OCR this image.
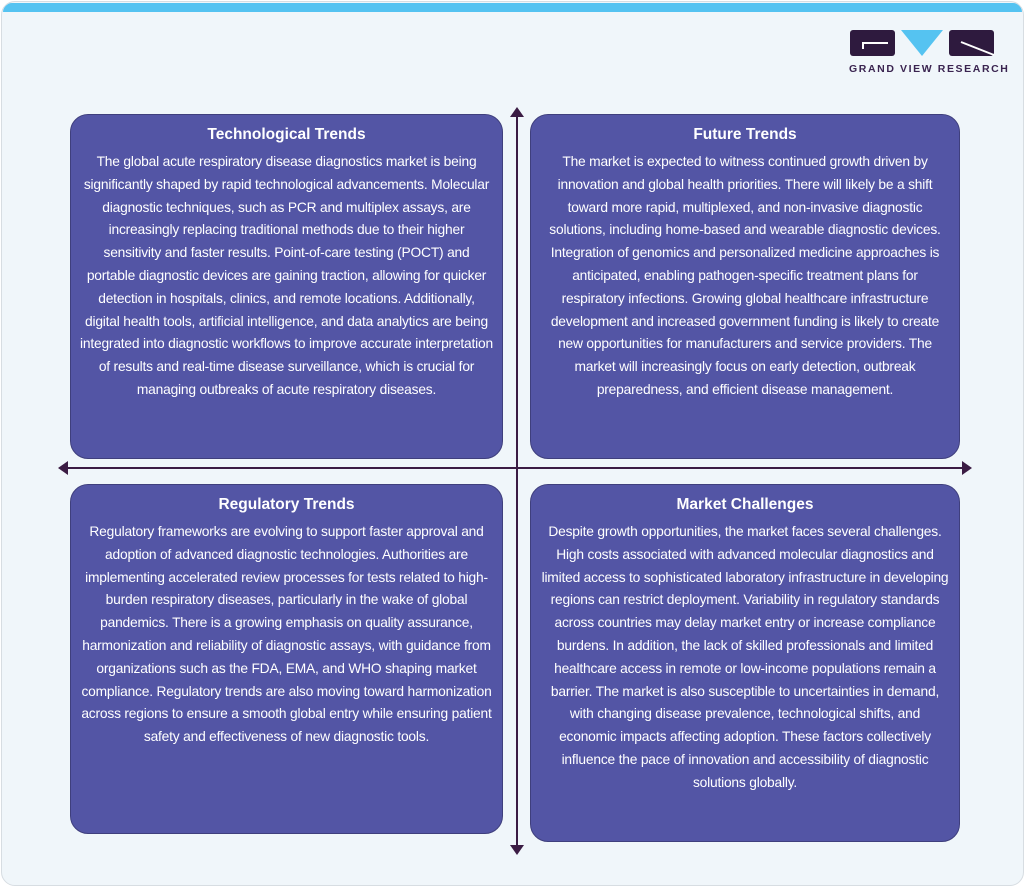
GRAND VIEW RESEARCH
Technological Trends

The global acute respiratory disease diagnostics market is being significantly shaped by rapid technological advancements. Molecular diagnostic techniques, such as PCR and multiplex assays, are increasingly replacing traditional methods due to their higher sensitivity and faster results. Point-of-care testing (POCT) and portable diagnostic devices are gaining traction, allowing for quicker detection in hospitals, clinics, and remote locations. Additionally, digital health tools, artificial intelligence, and data analytics are being integrated into diagnostic workflows to improve accurate interpretation of results and real-time disease surveillance, which is crucial for managing outbreaks of acute respiratory diseases.

Future Trends

The market is expected to witness continued growth driven by innovation and global health priorities. There will likely be a shift toward more rapid, multiplexed, and non-invasive diagnostic solutions, including home-based and wearable diagnostic devices. Integration of genomics and personalized medicine approaches is anticipated, enabling pathogen-specific treatment plans for respiratory infections. Growing global healthcare infrastructure development and increased government funding is likely to create new opportunities for manufacturers and service providers. The market will increasingly focus on early detection, outbreak preparedness, and efficient disease management.

Regulatory Trends

Regulatory frameworks are evolving to support faster approval and adoption of advanced diagnostic technologies. Authorities are implementing accelerated review processes for tests related to high-burden respiratory diseases, particularly in the wake of global pandemics. There is a growing emphasis on quality assurance, harmonization and reliability of diagnostic assays, with guidance from organizations such as the FDA, EMA, and WHO shaping market compliance. Regulatory trends are also moving toward harmonization across regions to ensure a smooth global entry while ensuring patient safety and effectiveness of new diagnostic tools.

Market Challenges

Despite growth opportunities, the market faces several challenges. High costs associated with advanced molecular diagnostics and limited access to sophisticated laboratory infrastructure in developing regions can restrict deployment. Variability in regulatory standards across countries may delay market entry or increase compliance burdens. In addition, the lack of skilled professionals and limited healthcare access in remote or low-income populations remain a barrier. The market is also susceptible to uncertainties in demand, with changing disease prevalence, technological shifts, and economic impacts affecting adoption. These factors collectively influence the pace of innovation and accessibility of diagnostic solutions globally.
